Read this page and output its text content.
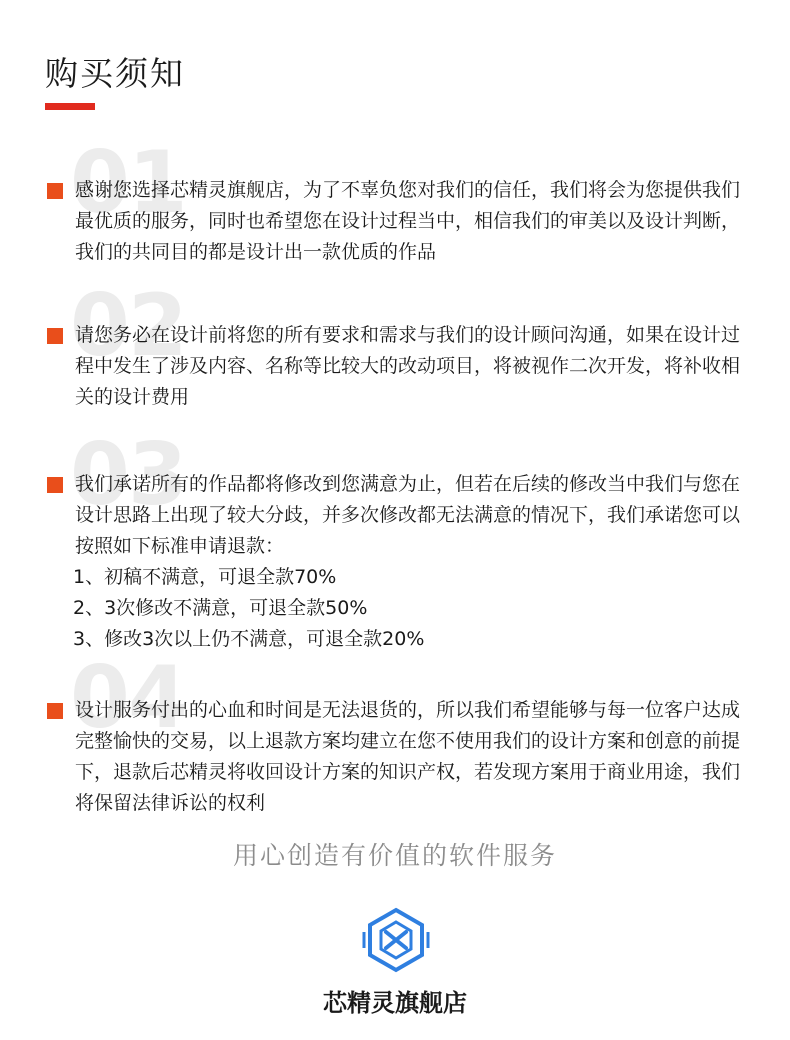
购买须知
01
感谢您选择芯精灵旗舰店，为了不辜负您对我们的信任，我们将会为您提供我们最优质的服务，同时也希望您在设计过程当中，相信我们的审美以及设计判断，我们的共同目的都是设计出一款优质的作品
02
请您务必在设计前将您的所有要求和需求与我们的设计顾问沟通，如果在设计过程中发生了涉及内容、名称等比较大的改动项目，将被视作二次开发，将补收相关的设计费用
03
我们承诺所有的作品都将修改到您满意为止，但若在后续的修改当中我们与您在设计思路上出现了较大分歧，并多次修改都无法满意的情况下，我们承诺您可以按照如下标准申请退款：
1、初稿不满意，可退全款70%
2、3次修改不满意，可退全款50%
3、修改3次以上仍不满意，可退全款20%
04
设计服务付出的心血和时间是无法退货的，所以我们希望能够与每一位客户达成完整愉快的交易，以上退款方案均建立在您不使用我们的设计方案和创意的前提下，退款后芯精灵将收回设计方案的知识产权，若发现方案用于商业用途，我们将保留法律诉讼的权利
用心创造有价值的软件服务
芯精灵旗舰店
